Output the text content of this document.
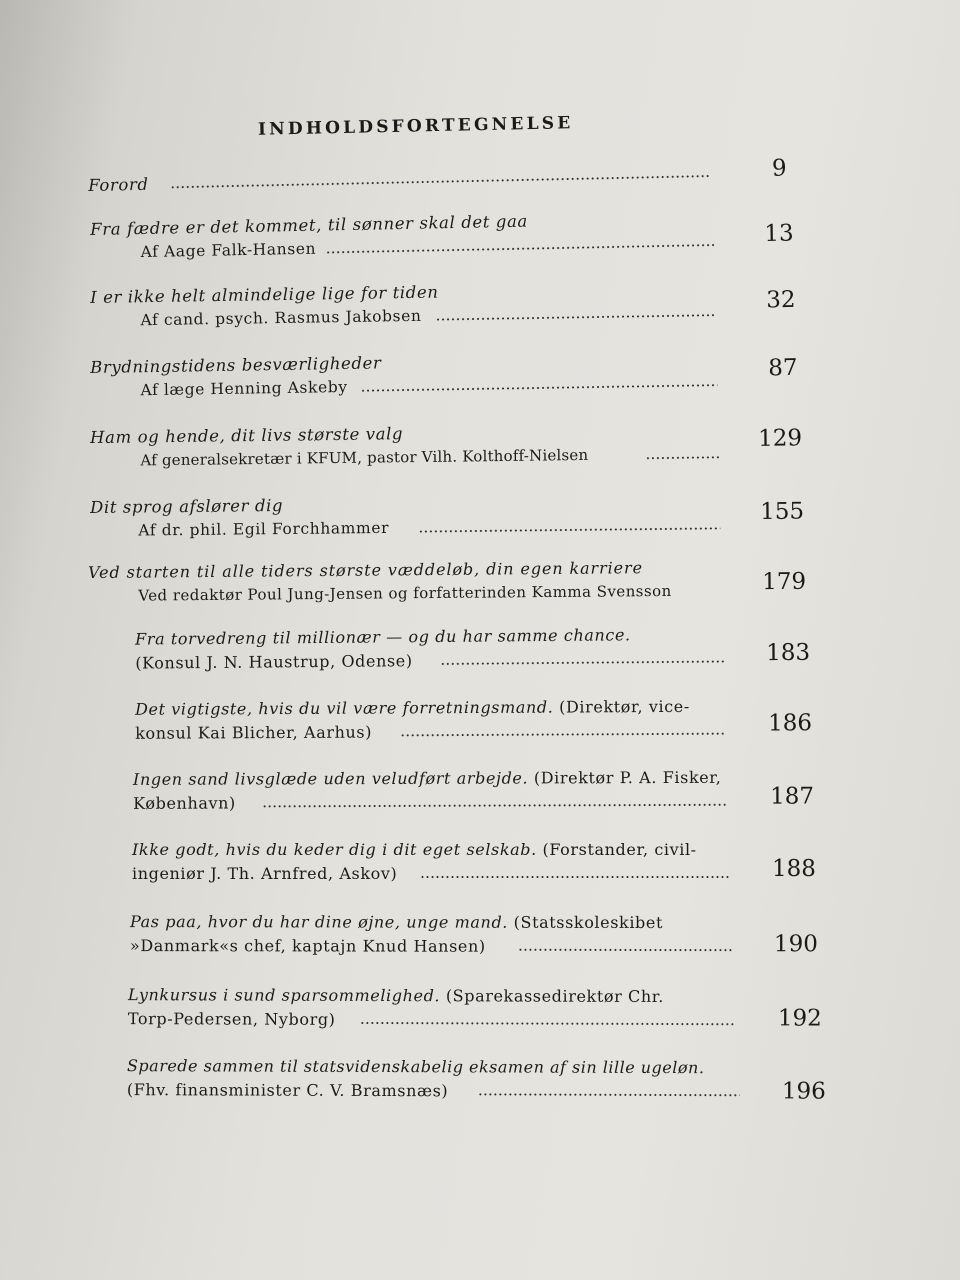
INDHOLDSFORTEGNELSE
Forord
9
Fra fædre er det kommet, til sønner skal det gaa
Af Aage Falk-Hansen
13
I er ikke helt almindelige lige for tiden
Af cand. psych. Rasmus Jakobsen
32
Brydningstidens besværligheder
Af læge Henning Askeby
87
Ham og hende, dit livs største valg
Af generalsekretær i KFUM, pastor Vilh. Kolthoff-Nielsen
129
Dit sprog afslører dig
Af dr. phil. Egil Forchhammer
155
Ved starten til alle tiders største væddeløb, din egen karriere
Ved redaktør Poul Jung-Jensen og forfatterinden Kamma Svensson	179
Fra torvedreng til millionær — og du har samme chance.
(Konsul J. N. Haustrup, Odense)	183
Det vigtigste, hvis du vil være forretningsmand. (Direktør, vice-
konsul Kai Blicher, Aarhus)	186
Ingen sand livsglæde uden veludført arbejde. (Direktør P. A. Fisker,
København)	187
Ikke godt, hvis du keder dig i dit eget selskab. (Forstander, civil-
ingeniør J. Th. Arnfred, Askov)	188
Pas paa, hvor du har dine øjne, unge mand. (Statsskoleskibet
»Danmark«s chef, kaptajn Knud Hansen)	190
Lynkursus i sund sparsommelighed. (Sparekassedirektør Chr.
Torp-Pedersen, Nyborg)	192
Sparede sammen til statsvidenskabelig eksamen af sin lille ugeløn.
(Fhv. finansminister C. V. Bramsnæs)	196
